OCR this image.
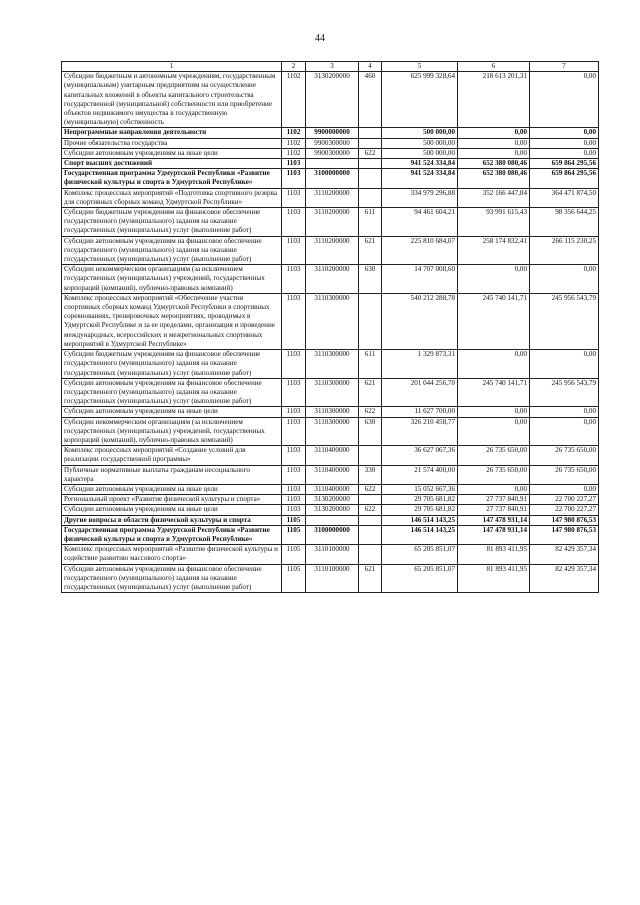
44
1	2	3	4	5	6	7
Субсидии бюджетным и автономным учреждениям, государственным (муниципальным) унитарным предприятиям на осуществление капитальных вложений в объекты капитального строительства государственной (муниципальной) собственности или приобретение объектов недвижимого имущества в государственную (муниципальную) собственность	1102	3130200000	460	625 999 328,64	218 613 201,31	0,00
Непрограммные направления деятельности	1102	9900000000		500 000,00	0,00	0,00
Прочие обязательства государства	1102	9900300000		500 000,00	0,00	0,00
Субсидии автономным учреждениям на иные цели	1102	9900300000	622	500 000,00	0,00	0,00
Спорт высших достижений	1103			941 524 334,84	652 380 080,46	659 864 295,56
Государственная программа Удмуртской Республики «Развитие физической культуры и спорта в Удмуртской Республике»	1103	3100000000		941 524 334,84	652 380 080,46	659 864 295,56
Комплекс процессных мероприятий «Подготовка спортивного резерва для спортивных сборных команд Удмуртской Республики»	1103	3110200000		334 979 296,88	352 166 447,84	364 471 874,50
Субсидии бюджетным учреждениям на финансовое обеспечение государственного (муниципального) задания на оказание государственных (муниципальных) услуг (выполнение работ)	1103	3110200000	611	94 461 604,21	93 991 615,43	98 356 644,25
Субсидии автономным учреждениям на финансовое обеспечение государственного (муниципального) задания на оказание государственных (муниципальных) услуг (выполнение работ)	1103	3110200000	621	225 810 684,07	258 174 832,41	266 115 230,25
Субсидии некоммерческим организациям (за исключением государственных (муниципальных) учреждений, государственных корпораций (компаний), публично-правовых компаний)	1103	3110200000	630	14 707 008,60	0,00	0,00
Комплекс процессных мероприятий «Обеспечение участия спортивных сборных команд Удмуртской Республики в спортивных соревнованиях, тренировочных мероприятиях, проводимых в Удмуртской Республике и за ее пределами, организация и проведение международных, всероссийских и межрегиональных спортивных мероприятий в Удмуртской Республике»	1103	3110300000		540 212 288,78	245 740 141,71	245 956 543,79
Субсидии бюджетным учреждениям на финансовое обеспечение государственного (муниципального) задания на оказание государственных (муниципальных) услуг (выполнение работ)	1103	3110300000	611	1 329 873,31	0,00	0,00
Субсидии автономным учреждениям на финансовое обеспечение государственного (муниципального) задания на оказание государственных (муниципальных) услуг (выполнение работ)	1103	3110300000	621	201 044 256,70	245 740 141,71	245 956 543,79
Субсидии автономным учреждениям на иные цели	1103	3110300000	622	11 627 700,00	0,00	0,00
Субсидии некоммерческим организациям (за исключением государственных (муниципальных) учреждений, государственных корпораций (компаний), публично-правовых компаний)	1103	3110300000	630	326 210 458,77	0,00	0,00
Комплекс процессных мероприятий «Создание условий для реализации государственной программы»	1103	3110400000		36 627 067,36	26 735 650,00	26 735 650,00
Публичные нормативные выплаты гражданам несоциального характера	1103	3110400000	330	21 574 400,00	26 735 650,00	26 735 650,00
Субсидии автономным учреждениям на иные цели	1103	3110400000	622	15 052 667,36	0,00	0,00
Региональный проект «Развитие физической культуры и спорта»	1103	3130200000		29 705 681,82	27 737 840,91	22 700 227,27
Субсидии автономным учреждениям на иные цели	1103	3130200000	622	29 705 681,82	27 737 840,91	22 700 227,27
Другие вопросы в области физической культуры и спорта	1105			146 514 143,25	147 478 931,14	147 980 876,53
Государственная программа Удмуртской Республики «Развитие физической культуры и спорта в Удмуртской Республике»	1105	3100000000		146 514 143,25	147 478 931,14	147 980 876,53
Комплекс процессных мероприятий «Развитие физической культуры и содействие развитию массового спорта»	1105	3110100000		65 205 851,07	81 893 411,95	82 429 357,34
Субсидии автономным учреждениям на финансовое обеспечение государственного (муниципального) задания на оказание государственных (муниципальных) услуг (выполнение работ)	1105	3110100000	621	65 205 851,07	81 893 411,95	82 429 357,34
